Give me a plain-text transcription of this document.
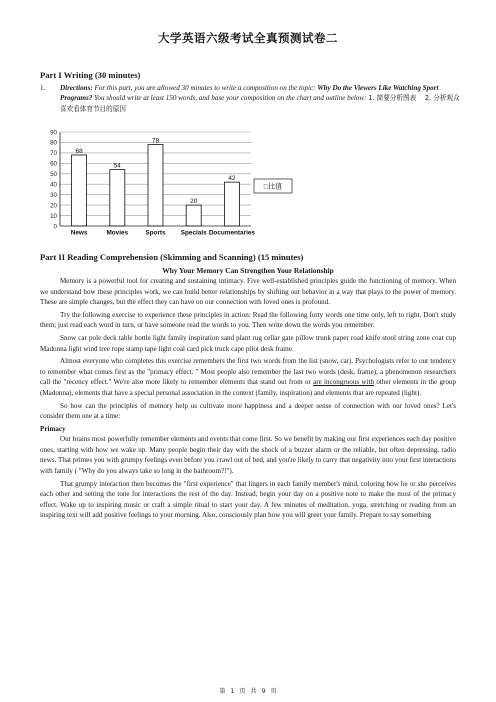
大学英语六级考试全真预测试卷二
Part I Writing (30 minutes)
1. Directions: For this part, you are allowed 30 minutes to write a composition on the topic: Why Do the Viewers Like Watching Sport Programs? You should write at least 150 words, and base your composition on the chart and outline below: 1. 简要分析图表　 2. 分析观众喜欢看体育节目的原因
0
10
20
30
40
50
60
70
80
90
68
54
78
20
42
News	Movies	Sports Specials Documentaries
□比值
Part II Reading Comprehension (Skimming and Scanning) (15 minutes)
Why Your Memory Can Strengthen Your Relationship

Memory is a powerful tool for creating and sustaining intimacy. Five well-established principles guide the functioning of memory. When we understand how these principles work, we can build better relationships by shifting our behavior in a way that plays to the power of memory. These are simple changes, but the effect they can have on our connection with loved ones is profound.

Try the following exercise to experience these principles in action: Read the following forty words one time only, left to right. Don't study them; just read each word in turn, or have someone read the words to you. Then write down the words you remember.

Snow car pole deck table bottle light family inspiration sand plant rug cellar gate pillow trunk paper road knife stool string zone coat cup Madonna light wind tree rope stamp tape light coal card pick truck cape pilot desk frame.

Almost everyone who completes this exercise remembers the first two words from the list (snow, car). Psychologists refer to our tendency to remember what comes first as the "primacy effect. " Most people also remember the last two words (desk, frame), a phenomenon researchers call the "recency effect." We're also more likely to remember elements that stand out from or are incongruous with other elements in the group (Madonna), elements that have a special personal association in the context (family, inspiration) and elements that are repeated (light).

So how can the principles of memory help us cultivate more happiness and a deeper sense of connection with our loved ones? Let's consider them one at a time:

Primacy

Our brains most powerfully remember elements and events that come first. So we benefit by making our first experiences each day positive ones, starting with how we wake up. Many people begin their day with the shock of a buzzer alarm or the reliable, but often depressing, radio news. That primes you with grumpy feelings even before you crawl out of bed, and you're likely to carry that negativity into your first interactions with family ( "Why do you always take so long in the bathroom?!").

That grumpy interaction then becomes the "first experience" that lingers in each family member's mind, coloring how he or she perceives each other and setting the tone for interactions the rest of the day. Instead, begin your day on a positive note to make the most of the primacy effect. Wake up to inspiring music or craft a simple ritual to start your day. A few minutes of meditation, yoga, stretching or reading from an inspiring text will add positive feelings to your morning. Also, consciously plan how you will greet your family. Prepare to say something

第 1 页 共 9 页
